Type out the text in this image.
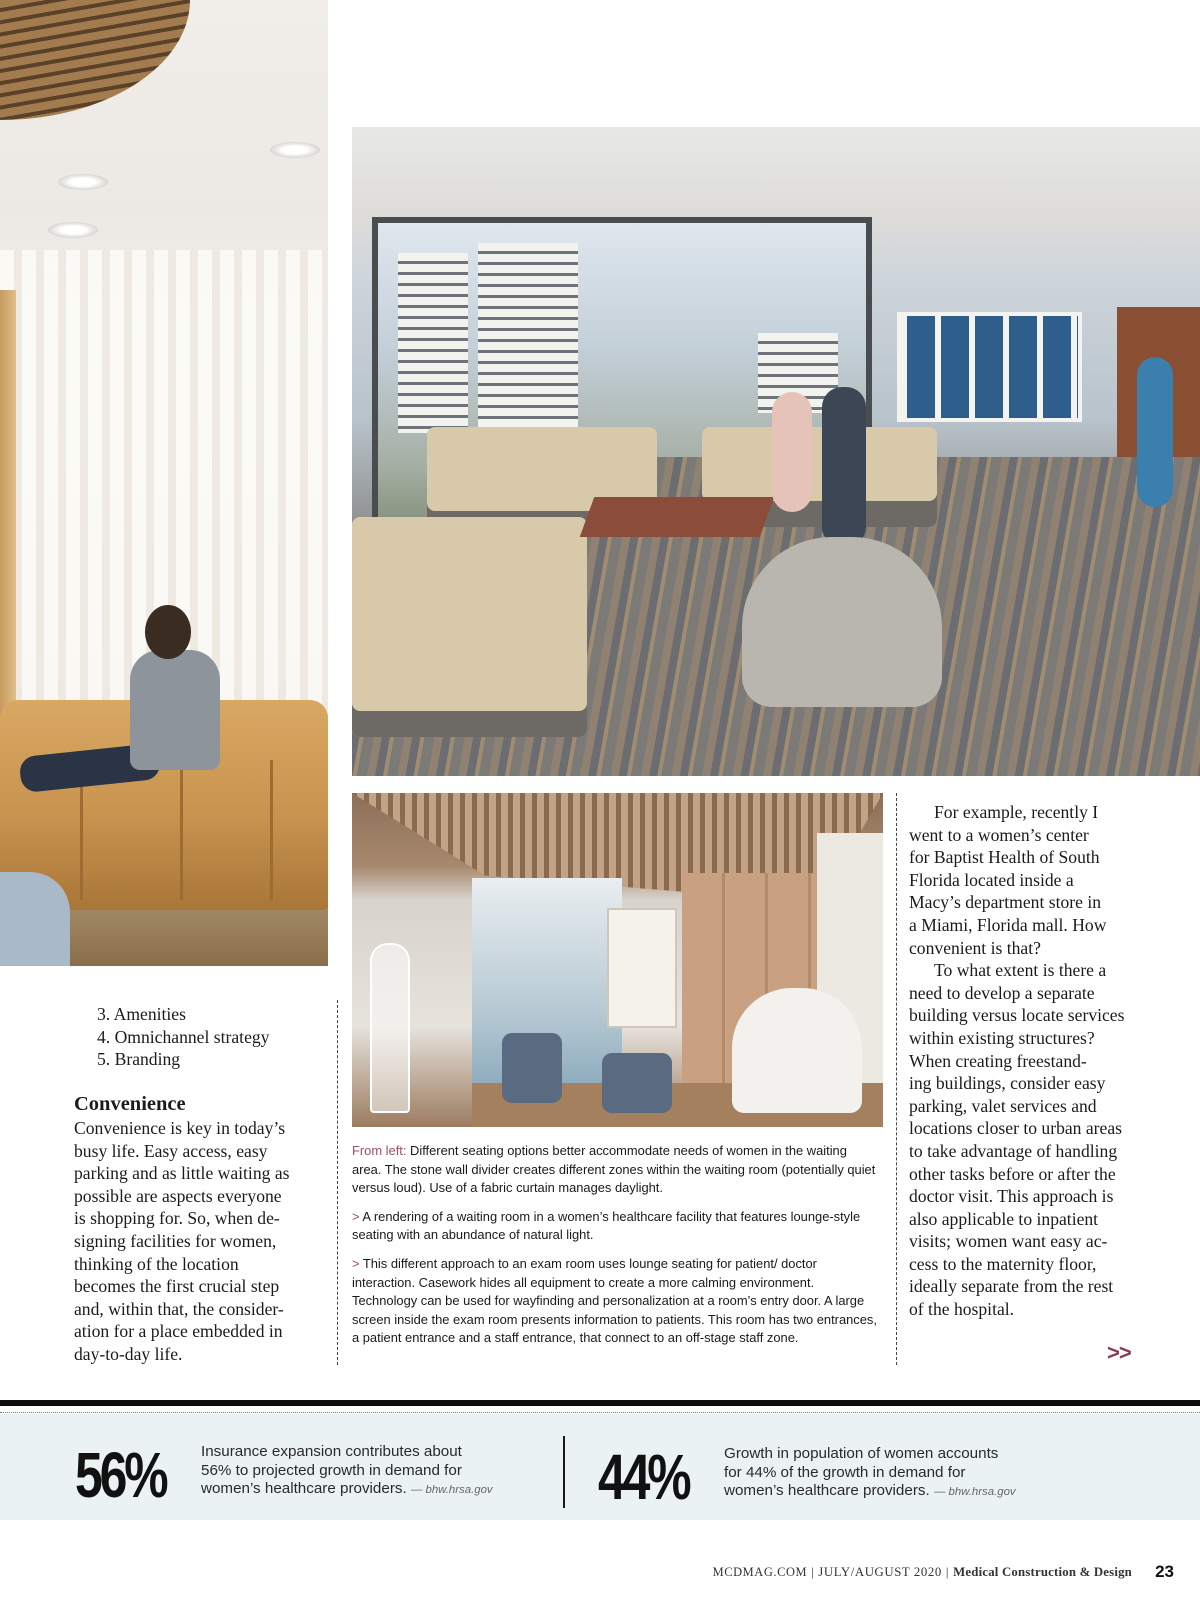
3. Amenities
4. Omnichannel strategy
5. Branding
Convenience
Convenience is key in today’s
busy life. Easy access, easy
parking and as little waiting as
possible are aspects everyone
is shopping for. So, when de-
signing facilities for women,
thinking of the location
becomes the first crucial step
and, within that, the consider-
ation for a place embedded in
day-to-day life.

From left: Different seating options better accommodate needs of women in the waiting area. The stone wall divider creates different zones within the waiting room (potentially quiet versus loud). Use of a fabric curtain manages daylight.

> A rendering of a waiting room in a women’s healthcare facility that features lounge-style seating with an abundance of natural light.

> This different approach to an exam room uses lounge seating for patient/ doctor interaction. Casework hides all equipment to create a more calming environment. Technology can be used for wayfinding and personalization at a room’s entry door. A large screen inside the exam room presents information to patients. This room has two entrances, a patient entrance and a staff entrance, that connect to an off-stage staff zone.

For example, recently I
went to a women’s center
for Baptist Health of South
Florida located inside a
Macy’s department store in
a Miami, Florida mall. How
convenient is that?

To what extent is there a
need to develop a separate
building versus locate services
within existing structures?
When creating freestand-
ing buildings, consider easy
parking, valet services and
locations closer to urban areas
to take advantage of handling
other tasks before or after the
doctor visit. This approach is
also applicable to inpatient
visits; women want easy ac-
cess to the maternity floor,
ideally separate from the rest
of the hospital.

>>
56%	Insurance expansion contributes about
56% to projected growth in demand for
women’s healthcare providers. — bhw.hrsa.gov	44%	Growth in population of women accounts
for 44% of the growth in demand for
women’s healthcare providers. — bhw.hrsa.gov
MCDMAG.COM | JULY/AUGUST 2020 | Medical Construction & Design 23
